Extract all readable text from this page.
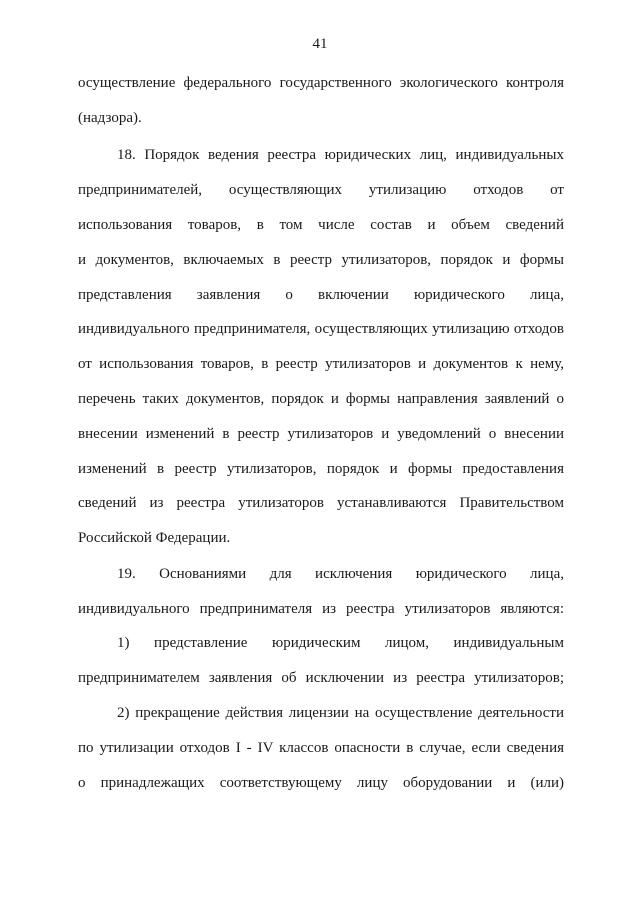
41
осуществление федерального государственного экологического контроля
(надзора).
18. Порядок ведения реестра юридических лиц, индивидуальных
предпринимателей, осуществляющих утилизацию отходов от
использования товаров, в том числе состав и объем сведений
и документов, включаемых в реестр утилизаторов, порядок и формы
представления заявления о включении юридического лица,
индивидуального предпринимателя, осуществляющих утилизацию отходов
от использования товаров, в реестр утилизаторов и документов к нему,
перечень таких документов, порядок и формы направления заявлений о
внесении изменений в реестр утилизаторов и уведомлений о внесении
изменений в реестр утилизаторов, порядок и формы предоставления
сведений из реестра утилизаторов устанавливаются Правительством
Российской Федерации.
19. Основаниями для исключения юридического лица,
индивидуального предпринимателя из реестра утилизаторов являются:
1) представление юридическим лицом, индивидуальным
предпринимателем заявления об исключении из реестра утилизаторов;
2) прекращение действия лицензии на осуществление деятельности
по утилизации отходов I - IV классов опасности в случае, если сведения
о принадлежащих соответствующему лицу оборудовании и (или)
